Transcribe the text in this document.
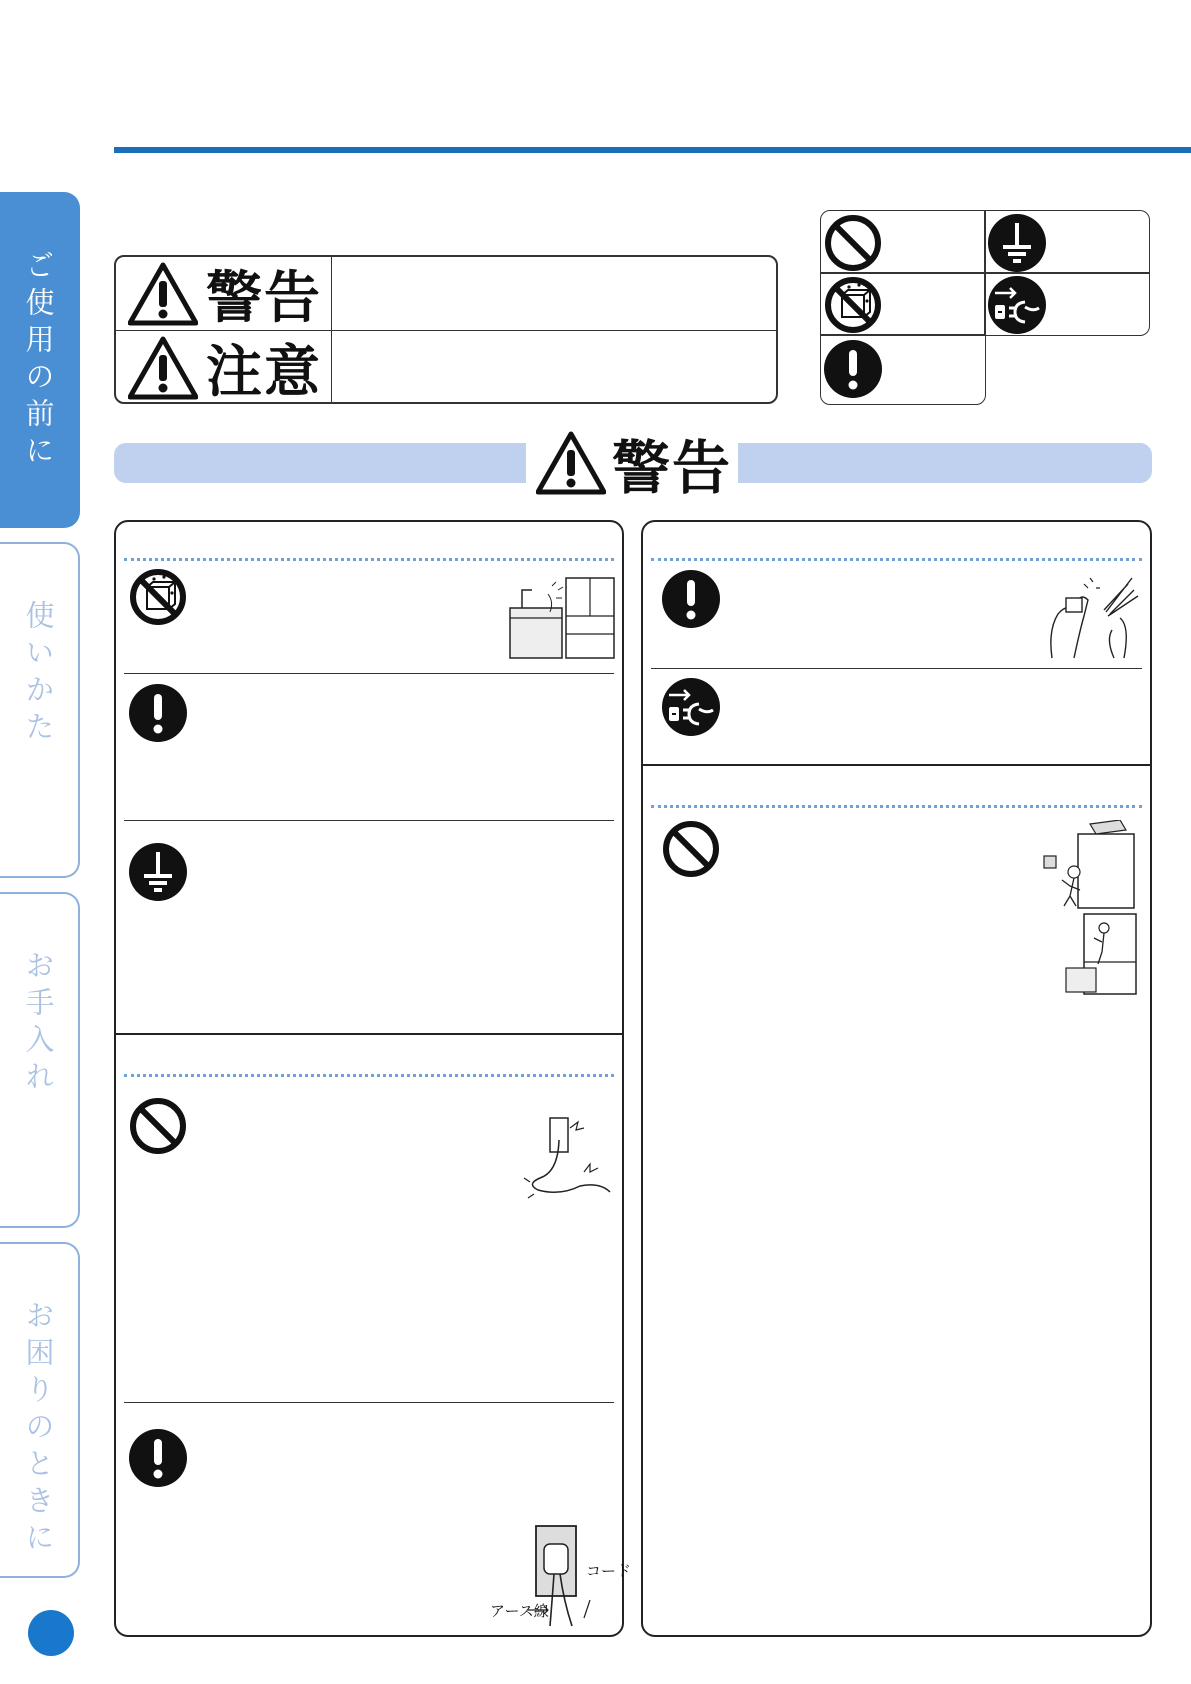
ご使用の前に
使いかた
お手入れ
お困りのときに
警告
注意
警告
コード
アース線
